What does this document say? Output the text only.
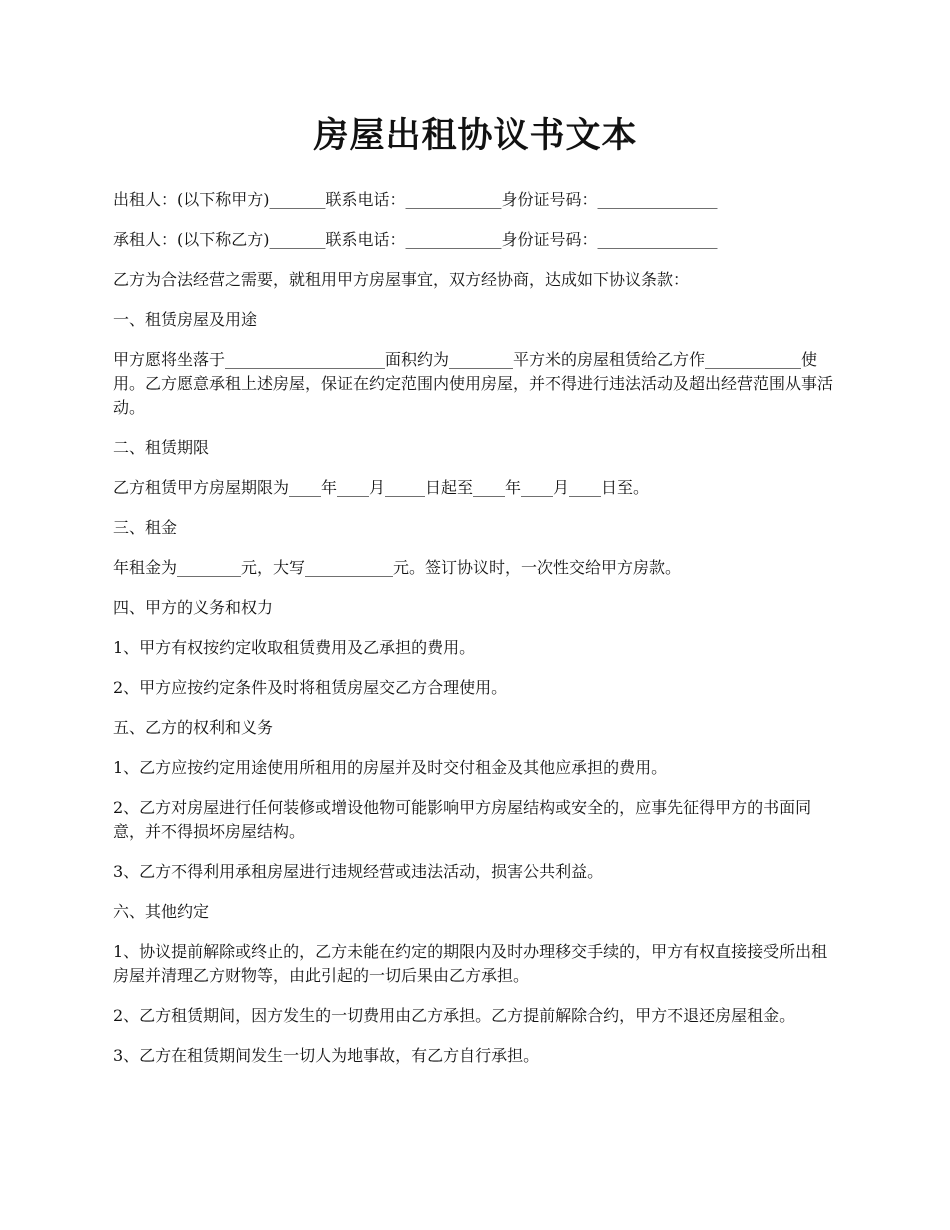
房屋出租协议书文本

出租人：(以下称甲方)_______联系电话：____________身份证号码：_______________

承租人：(以下称乙方)_______联系电话：____________身份证号码：_______________

乙方为合法经营之需要，就租用甲方房屋事宜，双方经协商，达成如下协议条款：

一、租赁房屋及用途

甲方愿将坐落于____________________面积约为________平方米的房屋租赁给乙方作____________使用。乙方愿意承租上述房屋，保证在约定范围内使用房屋，并不得进行违法活动及超出经营范围从事活动。

二、租赁期限

乙方租赁甲方房屋期限为____年____月_____日起至____年____月____日至。

三、租金

年租金为________元，大写___________元。签订协议时，一次性交给甲方房款。

四、甲方的义务和权力

1、甲方有权按约定收取租赁费用及乙承担的费用。

2、甲方应按约定条件及时将租赁房屋交乙方合理使用。

五、乙方的权利和义务

1、乙方应按约定用途使用所租用的房屋并及时交付租金及其他应承担的费用。

2、乙方对房屋进行任何装修或增设他物可能影响甲方房屋结构或安全的，应事先征得甲方的书面同意，并不得损坏房屋结构。

3、乙方不得利用承租房屋进行违规经营或违法活动，损害公共利益。

六、其他约定

1、协议提前解除或终止的，乙方未能在约定的期限内及时办理移交手续的，甲方有权直接接受所出租房屋并清理乙方财物等，由此引起的一切后果由乙方承担。

2、乙方租赁期间，因方发生的一切费用由乙方承担。乙方提前解除合约，甲方不退还房屋租金。

3、乙方在租赁期间发生一切人为地事故，有乙方自行承担。
